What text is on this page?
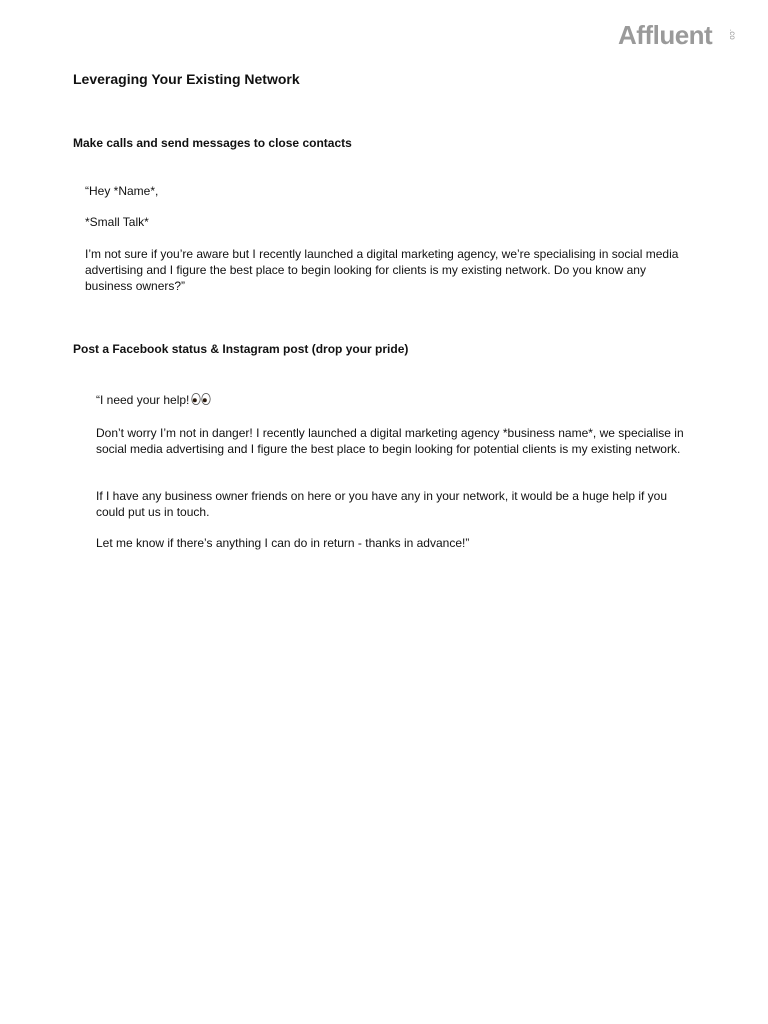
Affluent .co
Leveraging Your Existing Network
Make calls and send messages to close contacts

“Hey *Name*,

*Small Talk*

I’m not sure if you’re aware but I recently launched a digital marketing agency, we’re specialising in social media advertising and I figure the best place to begin looking for clients is my existing network. Do you know any business owners?”

Post a Facebook status & Instagram post (drop your pride)

“I need your help!

Don’t worry I’m not in danger! I recently launched a digital marketing agency *business name*, we specialise in social media advertising and I figure the best place to begin looking for potential clients is my existing network.

If I have any business owner friends on here or you have any in your network, it would be a huge help if you could put us in touch.

Let me know if there’s anything I can do in return - thanks in advance!”
